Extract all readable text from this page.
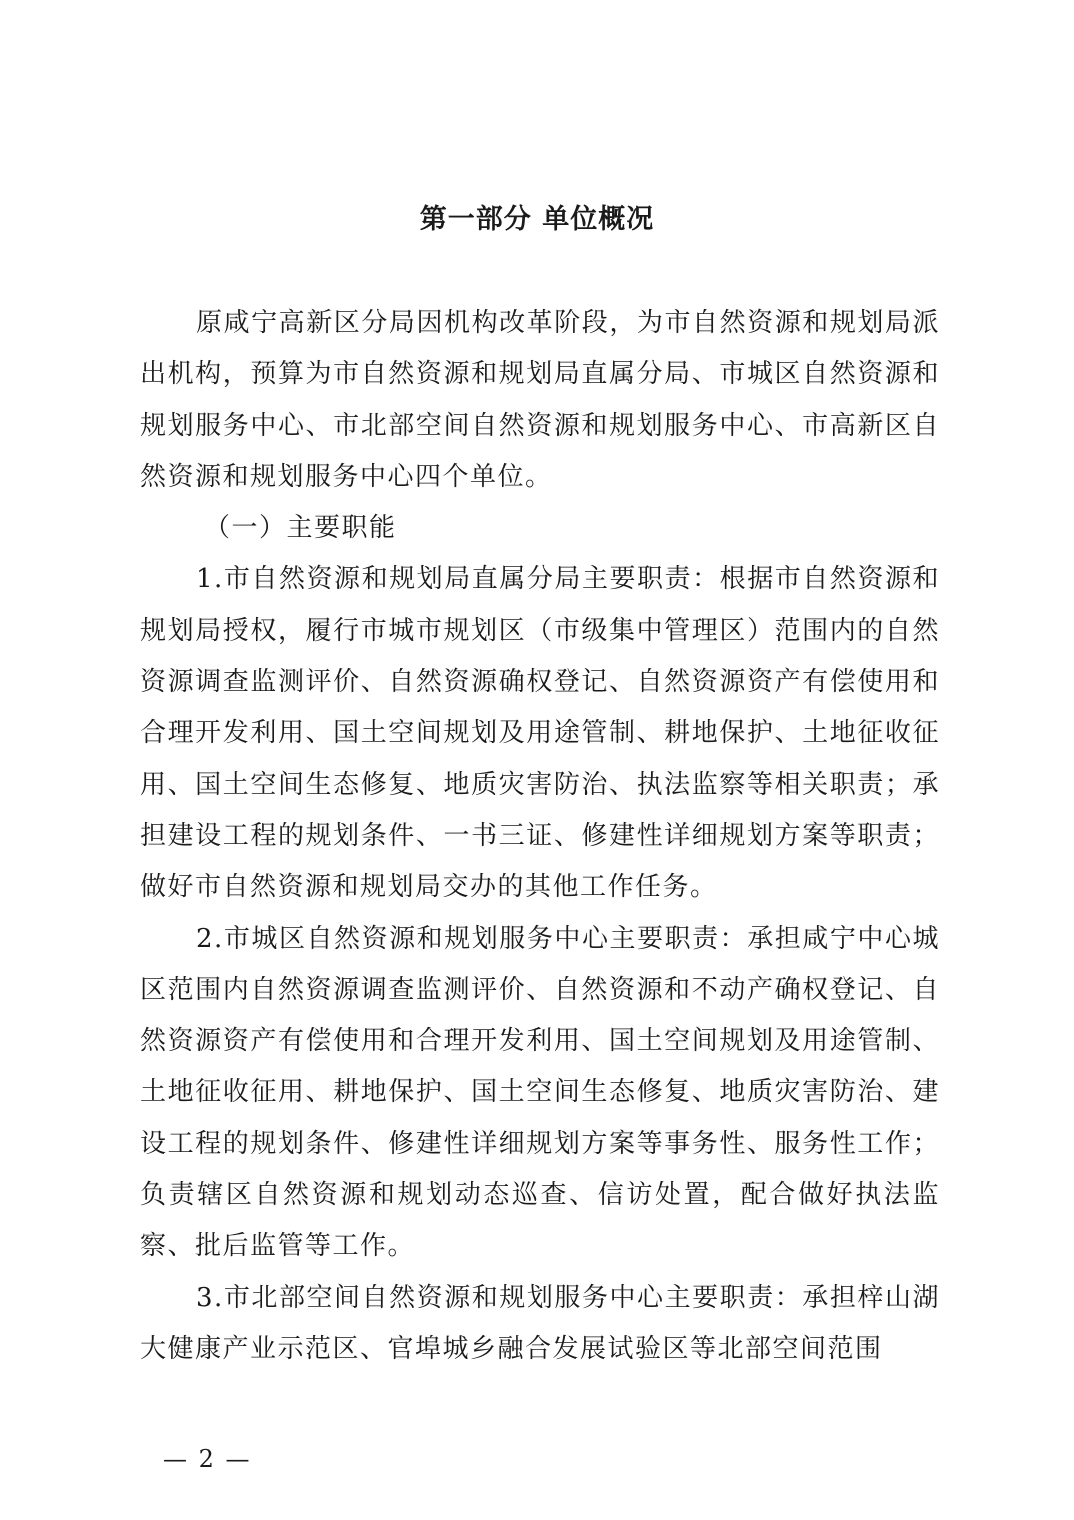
第一部分 单位概况

原咸宁高新区分局因机构改革阶段，为市自然资源和规划局派出机构，预算为市自然资源和规划局直属分局、市城区自然资源和规划服务中心、市北部空间自然资源和规划服务中心、市高新区自然资源和规划服务中心四个单位。

（一）主要职能

1.市自然资源和规划局直属分局主要职责：根据市自然资源和规划局授权，履行市城市规划区（市级集中管理区）范围内的自然资源调查监测评价、自然资源确权登记、自然资源资产有偿使用和合理开发利用、国土空间规划及用途管制、耕地保护、土地征收征用、国土空间生态修复、地质灾害防治、执法监察等相关职责；承担建设工程的规划条件、一书三证、修建性详细规划方案等职责；做好市自然资源和规划局交办的其他工作任务。

2.市城区自然资源和规划服务中心主要职责：承担咸宁中心城区范围内自然资源调查监测评价、自然资源和不动产确权登记、自然资源资产有偿使用和合理开发利用、国土空间规划及用途管制、土地征收征用、耕地保护、国土空间生态修复、地质灾害防治、建设工程的规划条件、修建性详细规划方案等事务性、服务性工作；负责辖区自然资源和规划动态巡查、信访处置，配合做好执法监察、批后监管等工作。

3.市北部空间自然资源和规划服务中心主要职责：承担梓山湖大健康产业示范区、官埠城乡融合发展试验区等北部空间范围

— 2 —
